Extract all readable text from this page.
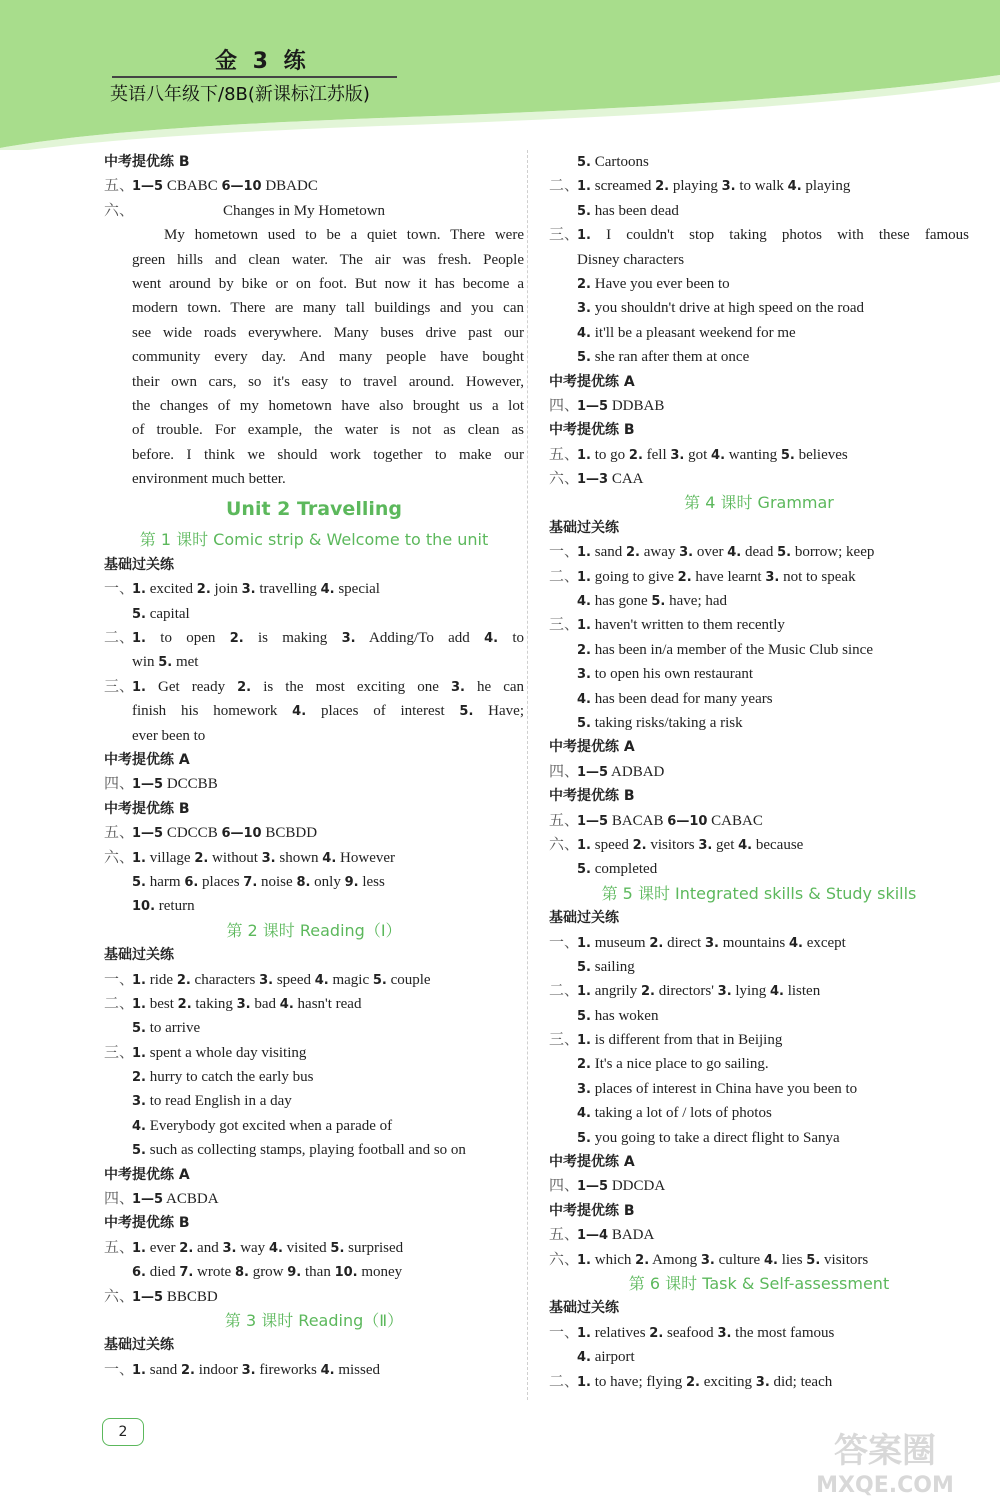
金 3 练
英语八年级下/8B(新课标江苏版)
中考提优练 B
五、1—5 CBABC 6—10 DBADC
六、	Changes in My Hometown
My hometown used to be a quiet town. There were
green hills and clean water. The air was fresh. People
went around by bike or on foot. But now it has become a
modern town. There are many tall buildings and you can
see wide roads everywhere. Many buses drive past our
community every day. And many people have bought
their own cars, so it's easy to travel around. However,
the changes of my hometown have also brought us a lot
of trouble. For example, the water is not as clean as
before. I think we should work together to make our
environment much better.
Unit 2 Travelling
第 1 课时 Comic strip & Welcome to the unit
基础过关练
一、1. excited 2. join 3. travelling 4. special
5. capital
二、1. to open 2. is making 3. Adding/To add 4. to
win 5. met
三、1. Get ready 2. is the most exciting one 3. he can
finish his homework 4. places of interest 5. Have;
ever been to
中考提优练 A
四、1—5 DCCBB
中考提优练 B
五、1—5 CDCCB 6—10 BCBDD
六、1. village 2. without 3. shown 4. However
5. harm 6. places 7. noise 8. only 9. less
10. return
第 2 课时 Reading（Ⅰ）
基础过关练
一、1. ride 2. characters 3. speed 4. magic 5. couple
二、1. best 2. taking 3. bad 4. hasn't read
5. to arrive
三、1. spent a whole day visiting
2. hurry to catch the early bus
3. to read English in a day
4. Everybody got excited when a parade of
5. such as collecting stamps, playing football and so on
中考提优练 A
四、1—5 ACBDA
中考提优练 B
五、1. ever 2. and 3. way 4. visited 5. surprised
6. died 7. wrote 8. grow 9. than 10. money
六、1—5 BBCBD
第 3 课时 Reading（Ⅱ）
基础过关练
一、1. sand 2. indoor 3. fireworks 4. missed
5. Cartoons
二、1. screamed 2. playing 3. to walk 4. playing
5. has been dead
三、1. I couldn't stop taking photos with these famous
Disney characters
2. Have you ever been to
3. you shouldn't drive at high speed on the road
4. it'll be a pleasant weekend for me
5. she ran after them at once
中考提优练 A
四、1—5 DDBAB
中考提优练 B
五、1. to go 2. fell 3. got 4. wanting 5. believes
六、1—3 CAA
第 4 课时 Grammar
基础过关练
一、1. sand 2. away 3. over 4. dead 5. borrow; keep
二、1. going to give 2. have learnt 3. not to speak
4. has gone 5. have; had
三、1. haven't written to them recently
2. has been in/a member of the Music Club since
3. to open his own restaurant
4. has been dead for many years
5. taking risks/taking a risk
中考提优练 A
四、1—5 ADBAD
中考提优练 B
五、1—5 BACAB 6—10 CABAC
六、1. speed 2. visitors 3. get 4. because
5. completed
第 5 课时 Integrated skills & Study skills
基础过关练
一、1. museum 2. direct 3. mountains 4. except
5. sailing
二、1. angrily 2. directors' 3. lying 4. listen
5. has woken
三、1. is different from that in Beijing
2. It's a nice place to go sailing.
3. places of interest in China have you been to
4. taking a lot of / lots of photos
5. you going to take a direct flight to Sanya
中考提优练 A
四、1—5 DDCDA
中考提优练 B
五、1—4 BADA
六、1. which 2. Among 3. culture 4. lies 5. visitors
第 6 课时 Task & Self-assessment
基础过关练
一、1. relatives 2. seafood 3. the most famous
4. airport
二、1. to have; flying 2. exciting 3. did; teach
2	答案圈
MXQE.COM
